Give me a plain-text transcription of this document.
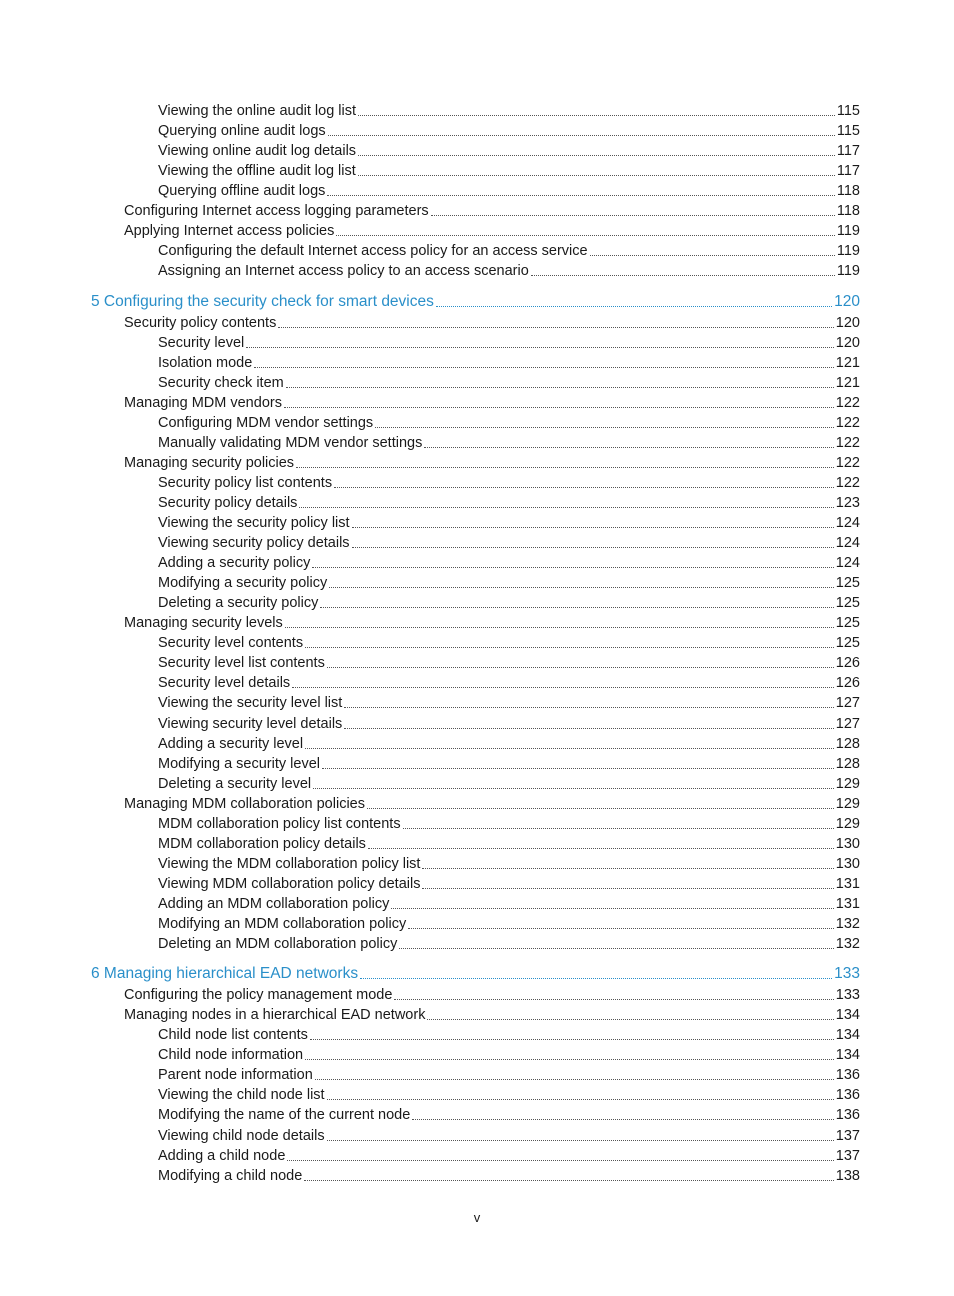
Viewing the online audit log list	115
Querying online audit logs	115
Viewing online audit log details	117
Viewing the offline audit log list	117
Querying offline audit logs	118
Configuring Internet access logging parameters	118
Applying Internet access policies	119
Configuring the default Internet access policy for an access service	119
Assigning an Internet access policy to an access scenario	119
5 Configuring the security check for smart devices	120
Security policy contents	120
Security level	120
Isolation mode	121
Security check item	121
Managing MDM vendors	122
Configuring MDM vendor settings	122
Manually validating MDM vendor settings	122
Managing security policies	122
Security policy list contents	122
Security policy details	123
Viewing the security policy list	124
Viewing security policy details	124
Adding a security policy	124
Modifying a security policy	125
Deleting a security policy	125
Managing security levels	125
Security level contents	125
Security level list contents	126
Security level details	126
Viewing the security level list	127
Viewing security level details	127
Adding a security level	128
Modifying a security level	128
Deleting a security level	129
Managing MDM collaboration policies	129
MDM collaboration policy list contents	129
MDM collaboration policy details	130
Viewing the MDM collaboration policy list	130
Viewing MDM collaboration policy details	131
Adding an MDM collaboration policy	131
Modifying an MDM collaboration policy	132
Deleting an MDM collaboration policy	132
6 Managing hierarchical EAD networks	133
Configuring the policy management mode	133
Managing nodes in a hierarchical EAD network	134
Child node list contents	134
Child node information	134
Parent node information	136
Viewing the child node list	136
Modifying the name of the current node	136
Viewing child node details	137
Adding a child node	137
Modifying a child node	138
v
